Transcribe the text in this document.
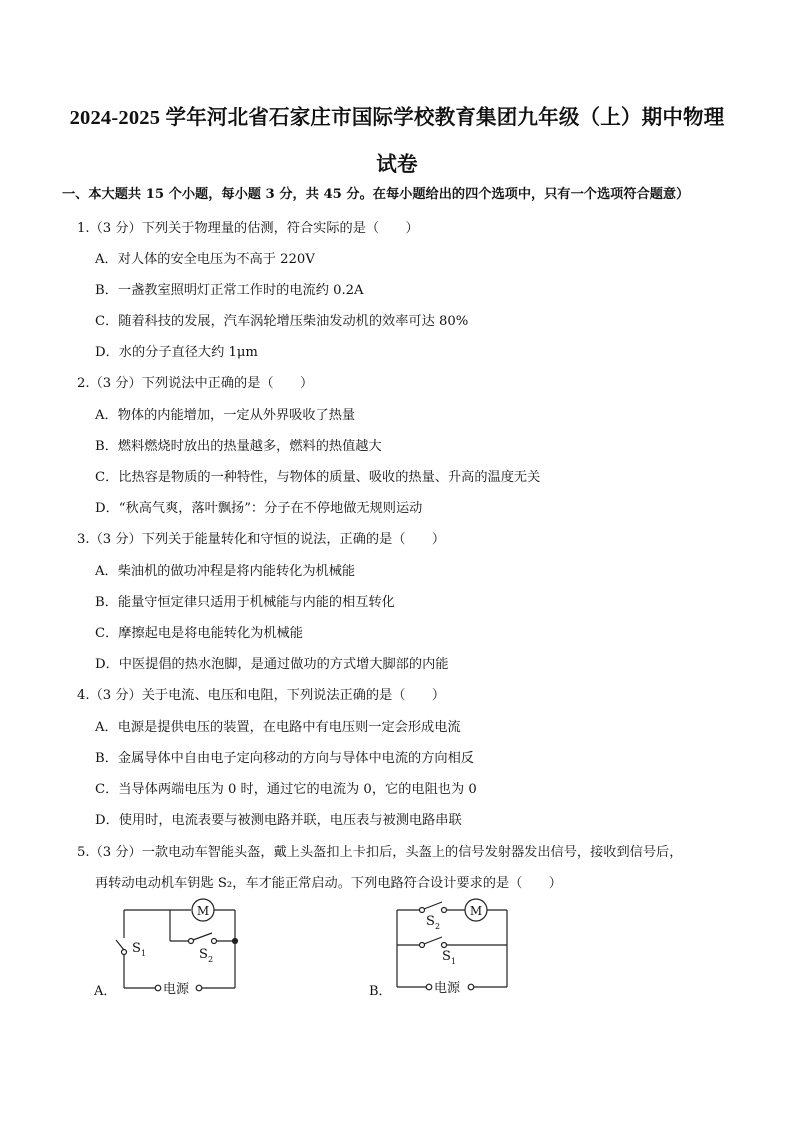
2024-2025 学年河北省石家庄市国际学校教育集团九年级（上）期中物理
试卷
一、本大题共 15 个小题，每小题 3 分，共 45 分。在每小题给出的四个选项中，只有一个选项符合题意）
1.（3 分）下列关于物理量的估测，符合实际的是（　　）
A．对人体的安全电压为不高于 220V
B．一盏教室照明灯正常工作时的电流约 0.2A
C．随着科技的发展，汽车涡轮增压柴油发动机的效率可达 80%
D．水的分子直径大约 1μm
2.（3 分）下列说法中正确的是（　　）
A．物体的内能增加，一定从外界吸收了热量
B．燃料燃烧时放出的热量越多，燃料的热值越大
C．比热容是物质的一种特性，与物体的质量、吸收的热量、升高的温度无关
D．“秋高气爽，落叶飘扬”：分子在不停地做无规则运动
3.（3 分）下列关于能量转化和守恒的说法，正确的是（　　）
A．柴油机的做功冲程是将内能转化为机械能
B．能量守恒定律只适用于机械能与内能的相互转化
C．摩擦起电是将电能转化为机械能
D．中医提倡的热水泡脚，是通过做功的方式增大脚部的内能
4.（3 分）关于电流、电压和电阻，下列说法正确的是（　　）
A．电源是提供电压的装置，在电路中有电压则一定会形成电流
B．金属导体中自由电子定向移动的方向与导体中电流的方向相反
C．当导体两端电压为 0 时，通过它的电流为 0，它的电阻也为 0
D．使用时，电流表要与被测电路并联，电压表与被测电路串联
5.（3 分）一款电动车智能头盔，戴上头盔扣上卡扣后，头盔上的信号发射器发出信号，接收到信号后，
再转动电动机车钥匙 S₂，车才能正常启动。下列电路符合设计要求的是（　　）
M
S 1	S 2
电源
A．
M
S 2
S 1
电源
B．
